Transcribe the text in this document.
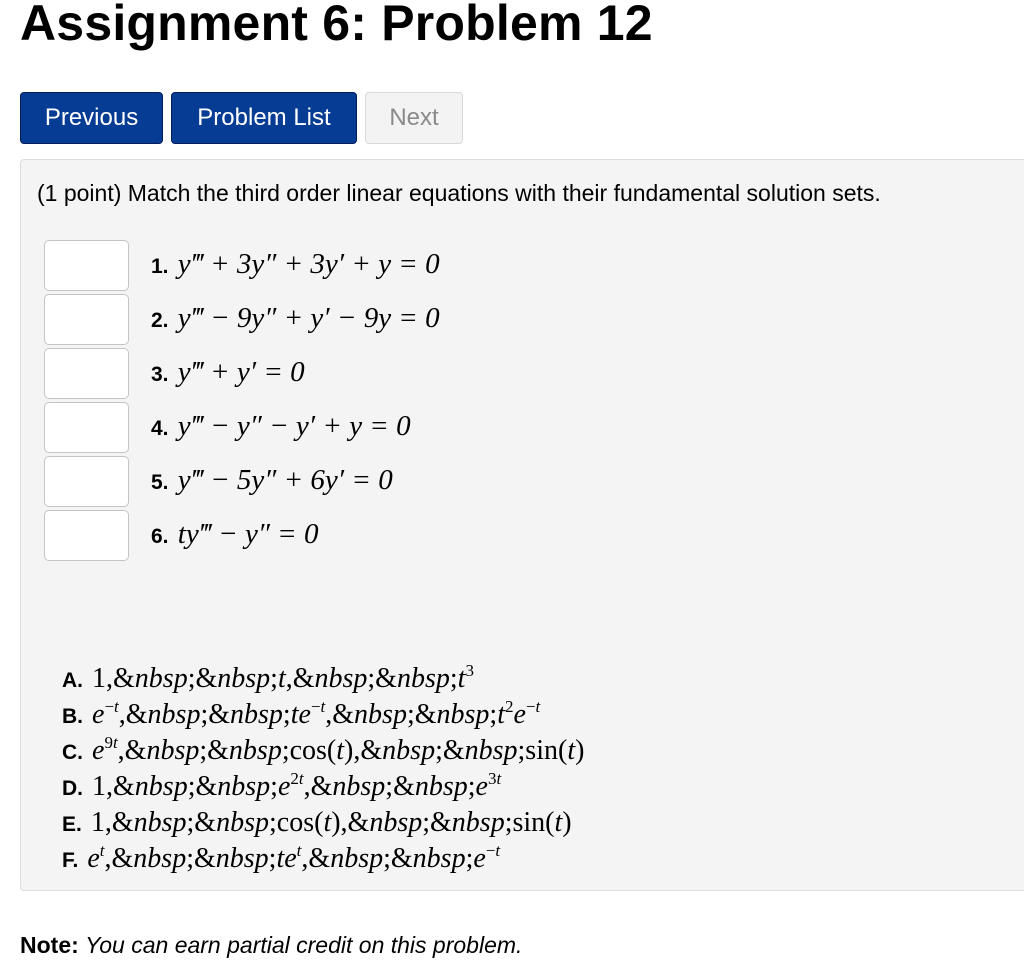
Assignment 6: Problem 12
Previous	Problem List	Next

(1 point) Match the third order linear equations with their fundamental solution sets.

1. y‴ + 3y″ + 3y′ + y = 0
2. y‴ − 9y″ + y′ − 9y = 0
3. y‴ + y′ = 0
4. y‴ − y″ − y′ + y = 0
5. y‴ − 5y″ + 6y′ = 0
6. ty‴ − y″ = 0
A. $1,\&nbsp;\&nbsp;t,\&nbsp;\&nbsp;t^3$
B. $e^{-t},\&nbsp;\&nbsp;te^{-t},\&nbsp;\&nbsp;t^2e^{-t}$
C. $e^{9t},\&nbsp;\&nbsp;\cos(t),\&nbsp;\&nbsp;\sin(t)$
D. $1,\&nbsp;\&nbsp;e^{2t},\&nbsp;\&nbsp;e^{3t}$
E. 1,&nbsp;&nbsp;cos(t),&nbsp;&nbsp;sin(t)
F. $e^t,\&nbsp;\&nbsp;te^t,\&nbsp;\&nbsp;e^{-t}$

Note: You can earn partial credit on this problem.
